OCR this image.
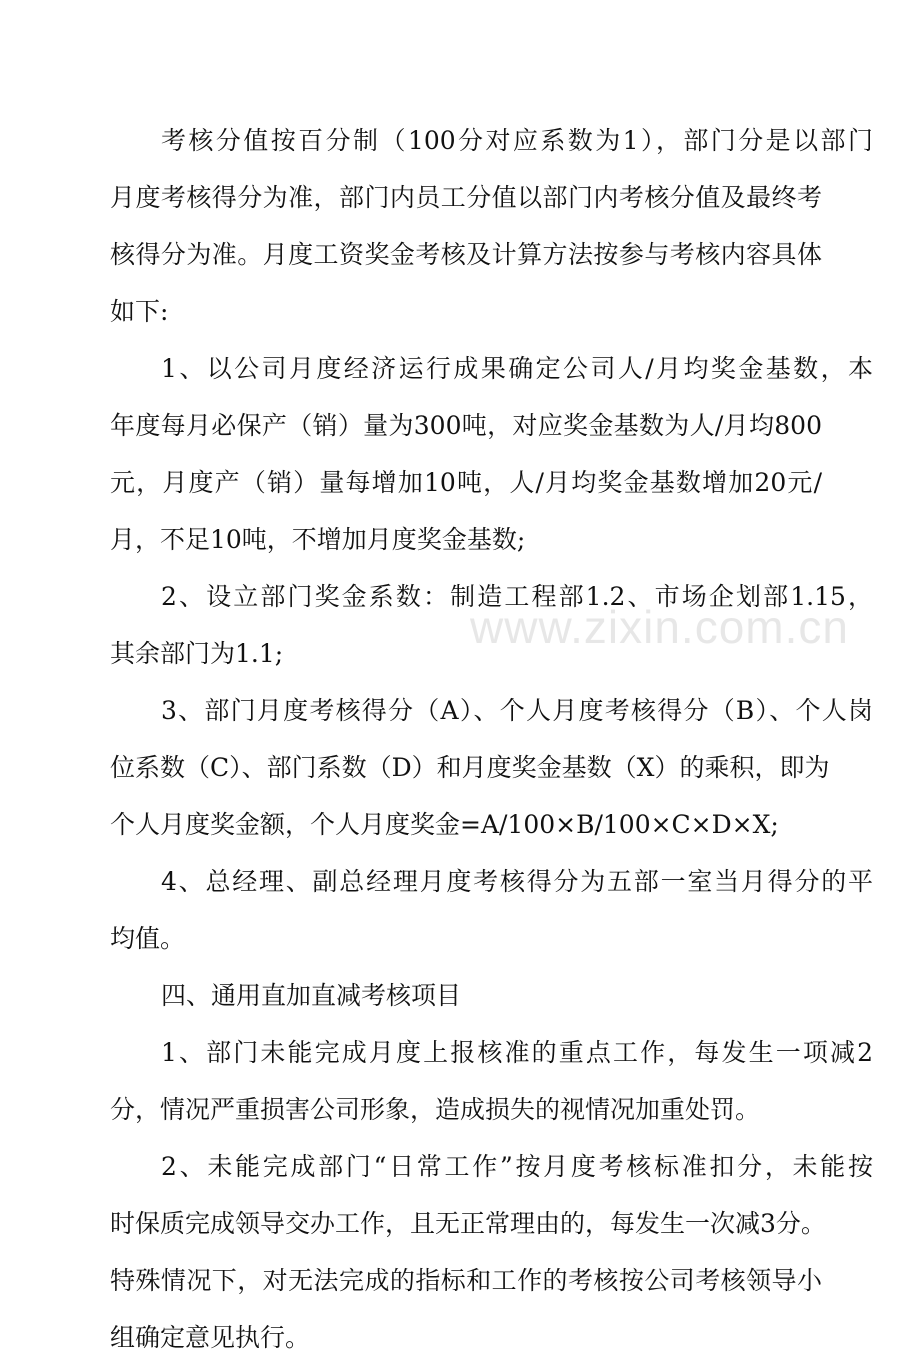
考核分值按百分制（100分对应系数为1），部门分是以部门
月度考核得分为准，部门内员工分值以部门内考核分值及最终考
核得分为准。月度工资奖金考核及计算方法按参与考核内容具体
如下:
1、以公司月度经济运行成果确定公司人/月均奖金基数，本
年度每月必保产（销）量为300吨，对应奖金基数为人/月均800
元，月度产（销）量每增加10吨，人/月均奖金基数增加20元/
月，不足10吨，不增加月度奖金基数;
2、设立部门奖金系数：制造工程部1.2、市场企划部1.15，
其余部门为1.1;
3、部门月度考核得分（A）、个人月度考核得分（B）、个人岗
位系数（C）、部门系数（D）和月度奖金基数（X）的乘积，即为
个人月度奖金额，个人月度奖金=A/100×B/100×C×D×X;
4、总经理、副总经理月度考核得分为五部一室当月得分的平
均值。
四、通用直加直减考核项目
1、部门未能完成月度上报核准的重点工作，每发生一项减2
分，情况严重损害公司形象，造成损失的视情况加重处罚。
2、未能完成部门“日常工作”按月度考核标准扣分，未能按
时保质完成领导交办工作，且无正常理由的，每发生一次减3分。
特殊情况下，对无法完成的指标和工作的考核按公司考核领导小
组确定意见执行。
www.zixin.com.cn
